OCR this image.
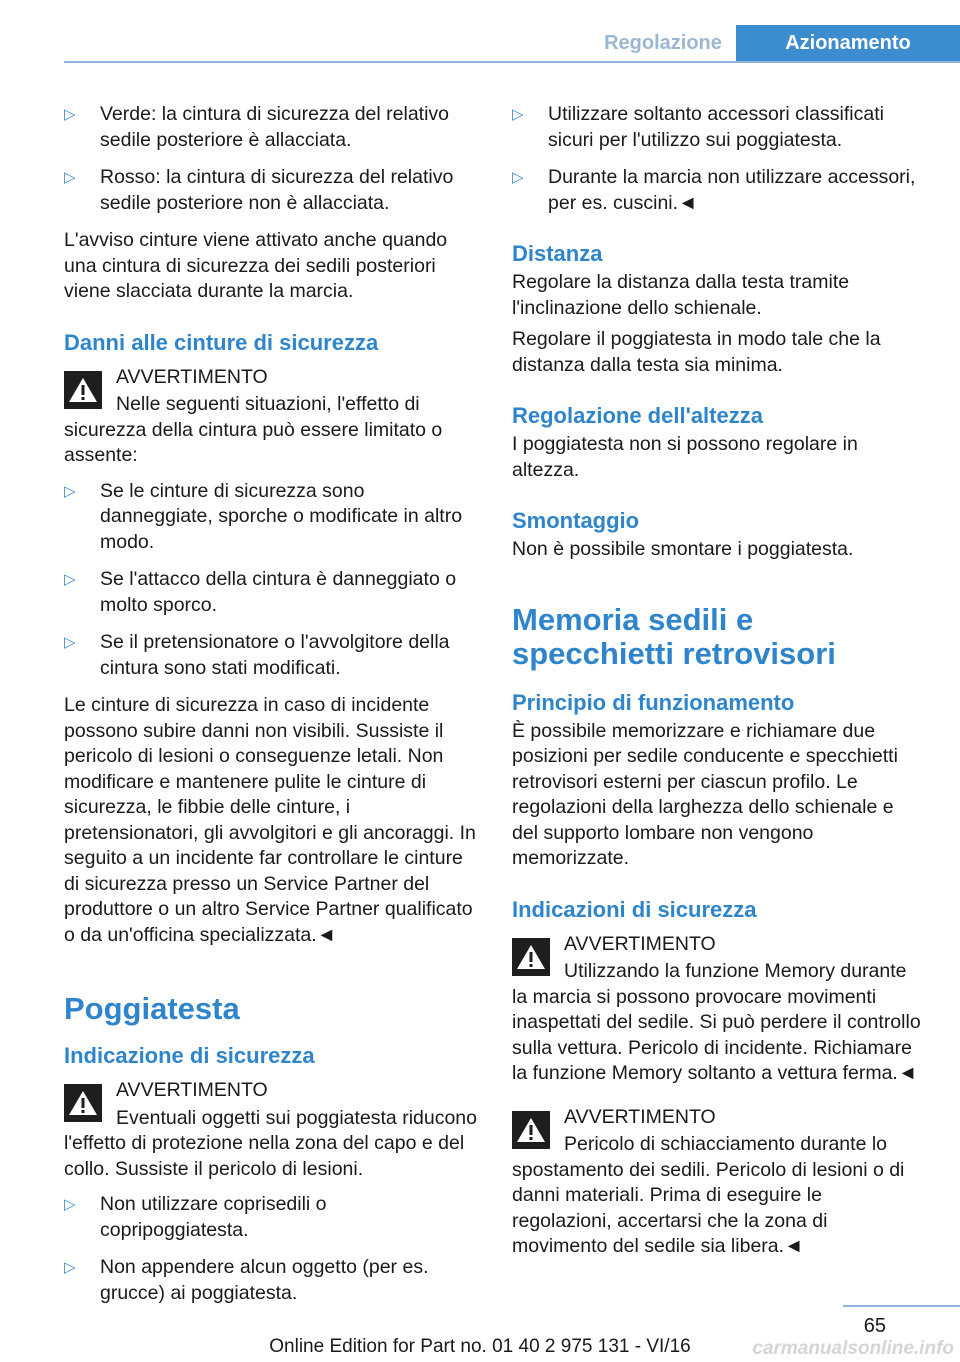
Regolazione	Azionamento
▷ Verde: la cintura di sicurezza del relativo sedile posteriore è allacciata.
▷ Rosso: la cintura di sicurezza del relativo sedile posteriore non è allacciata.

L'avviso cinture viene attivato anche quando una cintura di sicurezza dei sedili posteriori viene slacciata durante la marcia.

Danni alle cinture di sicurezza
AVVERTIMENTO
Nelle seguenti situazioni, l'effetto di sicurezza della cintura può essere limitato o assente:
▷ Se le cinture di sicurezza sono danneggiate, sporche o modificate in altro modo.
▷ Se l'attacco della cintura è danneggiato o molto sporco.
▷ Se il pretensionatore o l'avvolgitore della cintura sono stati modificati.

Le cinture di sicurezza in caso di incidente possono subire danni non visibili. Sussiste il pericolo di lesioni o conseguenze letali. Non modificare e mantenere pulite le cinture di sicurezza, le fibbie delle cinture, i pretensionatori, gli avvolgitori e gli ancoraggi. In seguito a un incidente far controllare le cinture di sicurezza presso un Service Partner del produttore o un altro Service Partner qualificato o da un'officina specializzata.◄

Poggiatesta
Indicazione di sicurezza
AVVERTIMENTO
Eventuali oggetti sui poggiatesta riducono l'effetto di protezione nella zona del capo e del collo. Sussiste il pericolo di lesioni.
▷ Non utilizzare coprisedili o copripoggiatesta.
▷ Non appendere alcun oggetto (per es. grucce) ai poggiatesta.
▷ Utilizzare soltanto accessori classificati sicuri per l'utilizzo sui poggiatesta.
▷ Durante la marcia non utilizzare accessori, per es. cuscini.◄
Distanza

Regolare la distanza dalla testa tramite l'inclinazione dello schienale.

Regolare il poggiatesta in modo tale che la distanza dalla testa sia minima.

Regolazione dell'altezza

I poggiatesta non si possono regolare in altezza.

Smontaggio

Non è possibile smontare i poggiatesta.

Memoria sedili e specchietti retrovisori
Principio di funzionamento

È possibile memorizzare e richiamare due posizioni per sedile conducente e specchietti retrovisori esterni per ciascun profilo. Le regolazioni della larghezza dello schienale e del supporto lombare non vengono memorizzate.

Indicazioni di sicurezza
AVVERTIMENTO
Utilizzando la funzione Memory durante la marcia si possono provocare movimenti inaspettati del sedile. Si può perdere il controllo sulla vettura. Pericolo di incidente. Richiamare la funzione Memory soltanto a vettura ferma.◄
AVVERTIMENTO
Pericolo di schiacciamento durante lo spostamento dei sedili. Pericolo di lesioni o di danni materiali. Prima di eseguire le regolazioni, accertarsi che la zona di movimento del sedile sia libera.◄
65
Online Edition for Part no. 01 40 2 975 131 - VI/16	carmanualsonline.info
